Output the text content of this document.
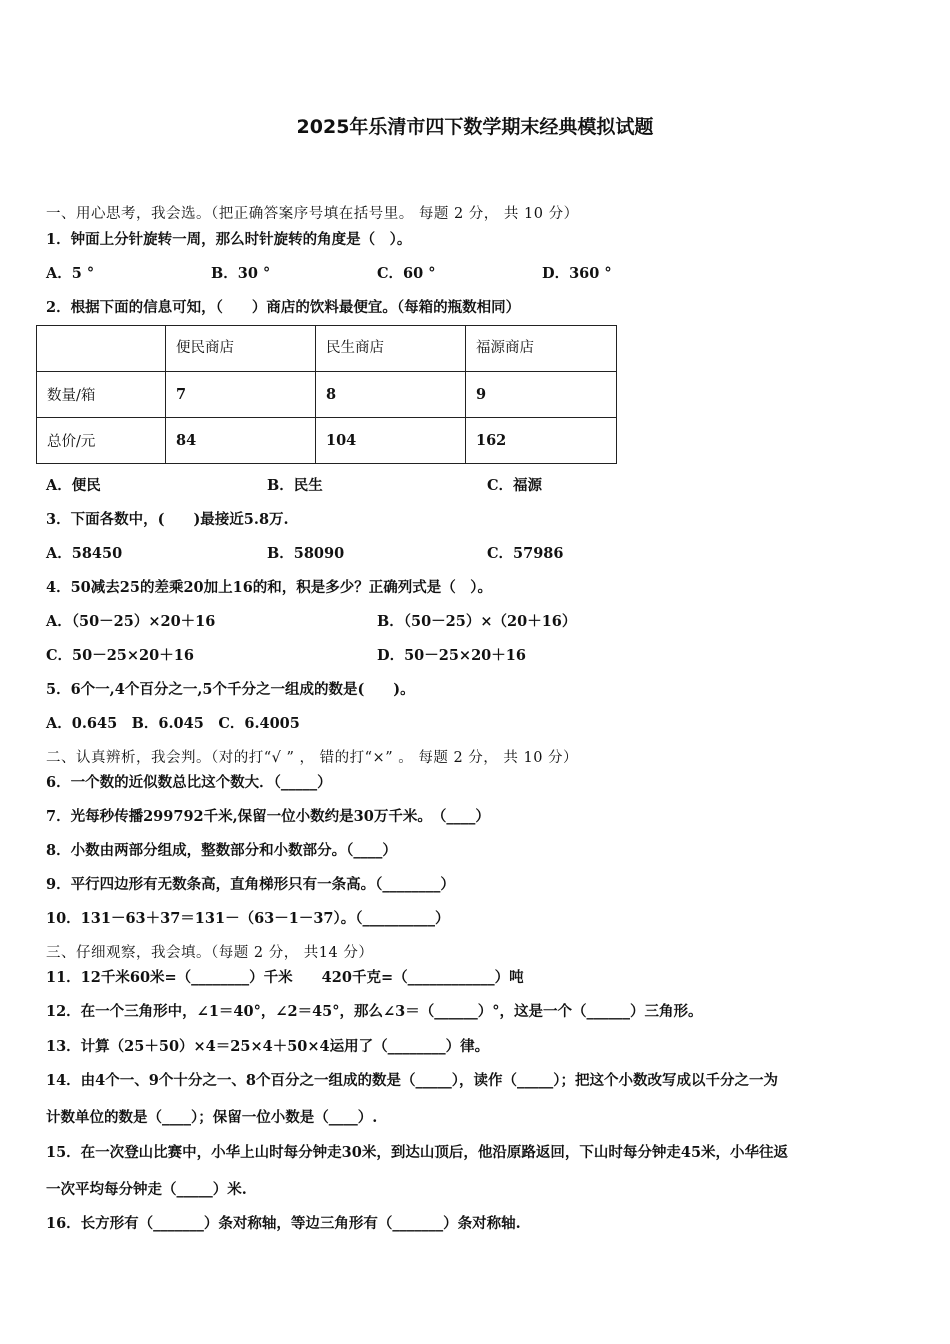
2025年乐清市四下数学期末经典模拟试题
一、用心思考，我会选。（把正确答案序号填在括号里。 每题 2 分， 共 10 分）
1．钟面上分针旋转一周，那么时针旋转的角度是（　）。
A．5 °	B．30 °	C．60 °	D．360 °
2．根据下面的信息可知，（　　）商店的饮料最便宜。（每箱的瓶数相同）
	便民商店	民生商店	福源商店
数量/箱	7	8	9
总价/元	84	104	162
A．便民	B．民生	C．福源
3．下面各数中，(　　)最接近5.8万.
A．58450	B．58090	C．57986
4．50减去25的差乘20加上16的和，积是多少？正确列式是（　）。
A．（50－25）×20＋16	B．（50－25）×（20＋16）
C．50－25×20＋16	D．50－25×20＋16
5．6个一,4个百分之一,5个千分之一组成的数是(　　)。
A．0.645　B．6.045　C．6.4005
二、认真辨析，我会判。（对的打“√ ” ， 错的打“×” 。 每题 2 分， 共 10 分）
6．一个数的近似数总比这个数大．（_____）
7．光每秒传播299792千米,保留一位小数约是30万千米。　（____）
8．小数由两部分组成，整数部分和小数部分。（____）
9．平行四边形有无数条高，直角梯形只有一条高。（________）
10．131－63＋37＝131－（63－1－37）。（__________）
三、仔细观察，我会填。（每题 2 分， 共14 分）
11．12千米60米=（________）千米　　420千克=（____________）吨
12．在一个三角形中，∠1＝40°，∠2＝45°，那么∠3＝（______）°，这是一个（______）三角形。
13．计算（25＋50）×4＝25×4＋50×4运用了（________）律。
14．由4个一、9个十分之一、8个百分之一组成的数是（_____），读作（_____）；把这个小数改写成以千分之一为
计数单位的数是（____）；保留一位小数是（____）.
15．在一次登山比赛中，小华上山时每分钟走30米，到达山顶后，他沿原路返回，下山时每分钟走45米，小华往返
一次平均每分钟走（_____）米.
16．长方形有（_______）条对称轴，等边三角形有（_______）条对称轴.
